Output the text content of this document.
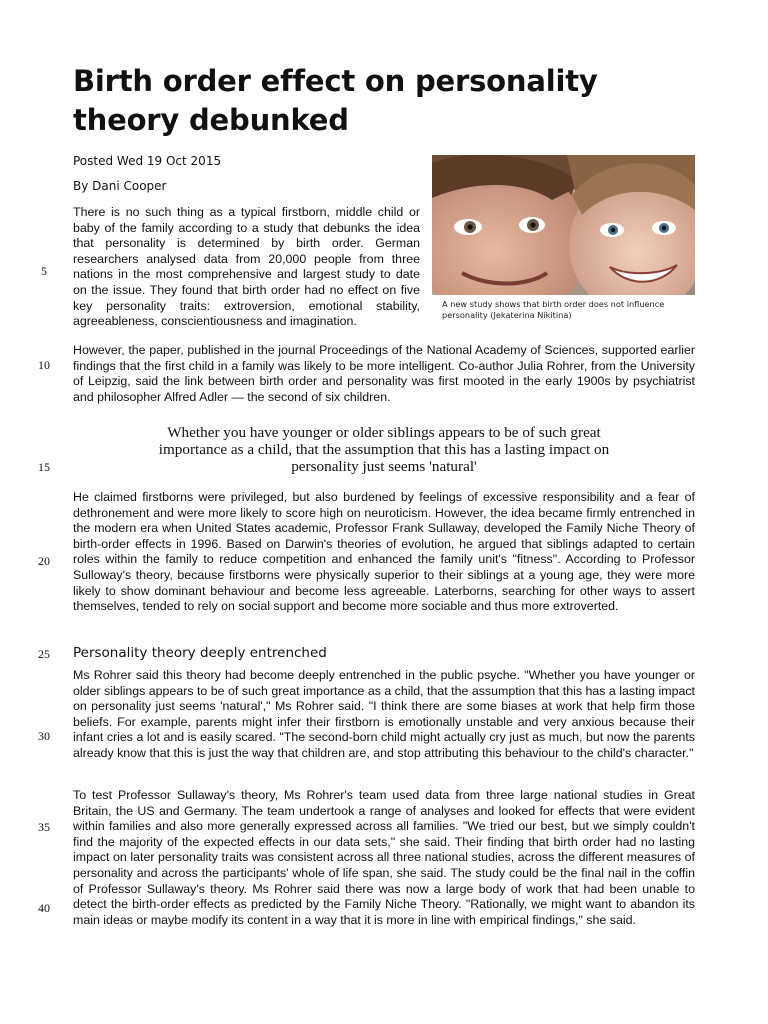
Birth order effect on personality theory debunked
Posted Wed 19 Oct 2015
By Dani Cooper

There is no such thing as a typical firstborn, middle child or baby of the family according to a study that debunks the idea that personality is determined by birth order. German researchers analysed data from 20,000 people from three nations in the most comprehensive and largest study to date on the issue. They found that birth order had no effect on five key personality traits: extroversion, emotional stability, agreeableness, conscientiousness and imagination.

A new study shows that birth order does not influence personality (Jekaterina Nikitina)

However, the paper, published in the journal Proceedings of the National Academy of Sciences, supported earlier findings that the first child in a family was likely to be more intelligent. Co-author Julia Rohrer, from the University of Leipzig, said the link between birth order and personality was first mooted in the early 1900s by psychiatrist and philosopher Alfred Adler — the second of six children.

Whether you have younger or older siblings appears to be of such great importance as a child, that the assumption that this has a lasting impact on personality just seems 'natural'

He claimed firstborns were privileged, but also burdened by feelings of excessive responsibility and a fear of dethronement and were more likely to score high on neuroticism. However, the idea became firmly entrenched in the modern era when United States academic, Professor Frank Sullaway, developed the Family Niche Theory of birth-order effects in 1996. Based on Darwin's theories of evolution, he argued that siblings adapted to certain roles within the family to reduce competition and enhanced the family unit's "fitness". According to Professor Sulloway's theory, because firstborns were physically superior to their siblings at a young age, they were more likely to show dominant behaviour and become less agreeable. Laterborns, searching for other ways to assert themselves, tended to rely on social support and become more sociable and thus more extroverted.

Personality theory deeply entrenched

Ms Rohrer said this theory had become deeply entrenched in the public psyche. "Whether you have younger or older siblings appears to be of such great importance as a child, that the assumption that this has a lasting impact on personality just seems 'natural'," Ms Rohrer said. "I think there are some biases at work that help firm those beliefs. For example, parents might infer their firstborn is emotionally unstable and very anxious because their infant cries a lot and is easily scared. "The second-born child might actually cry just as much, but now the parents already know that this is just the way that children are, and stop attributing this behaviour to the child's character."

To test Professor Sullaway's theory, Ms Rohrer's team used data from three large national studies in Great Britain, the US and Germany. The team undertook a range of analyses and looked for effects that were evident within families and also more generally expressed across all families. "We tried our best, but we simply couldn't find the majority of the expected effects in our data sets," she said. Their finding that birth order had no lasting impact on later personality traits was consistent across all three national studies, across the different measures of personality and across the participants' whole of life span, she said. The study could be the final nail in the coffin of Professor Sullaway's theory. Ms Rohrer said there was now a large body of work that had been unable to detect the birth-order effects as predicted by the Family Niche Theory. "Rationally, we might want to abandon its main ideas or maybe modify its content in a way that it is more in line with empirical findings," she said.

5
10
15
20
25
30
35
40
